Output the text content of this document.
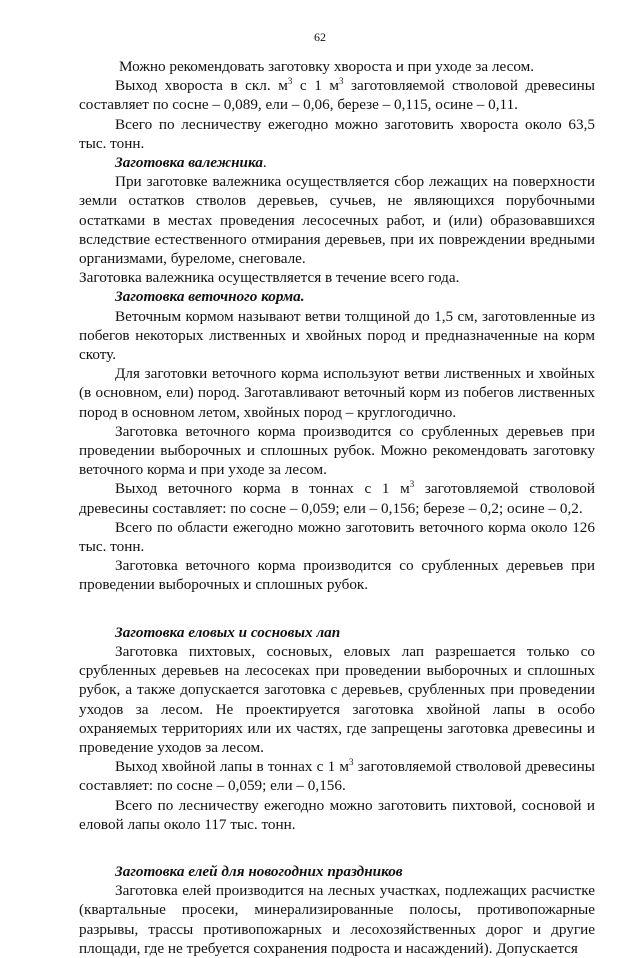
62

Можно рекомендовать заготовку хвороста и при уходе за лесом.

Выход хвороста в скл. $м^3$ с 1 $м^3$ заготовляемой стволовой древесины составляет по сосне – 0,089, ели – 0,06, березе – 0,115, осине – 0,11.

Всего по лесничеству ежегодно можно заготовить хвороста около 63,5 тыс. тонн.

Заготовка валежника.

При заготовке валежника осуществляется сбор лежащих на поверхности земли остатков стволов деревьев, сучьев, не являющихся порубочными остатками в местах проведения лесосечных работ, и (или) образовавшихся вследствие естественного отмирания деревьев, при их повреждении вредными организмами, буреломе, снеговале.

Заготовка валежника осуществляется в течение всего года.

Заготовка веточного корма.

Веточным кормом называют ветви толщиной до 1,5 см, заготовленные из побегов некоторых лиственных и хвойных пород и предназначенные на корм скоту.

Для заготовки веточного корма используют ветви лиственных и хвойных (в основном, ели) пород. Заготавливают веточный корм из побегов лиственных пород в основном летом, хвойных пород – круглогодично.

Заготовка веточного корма производится со срубленных деревьев при проведении выборочных и сплошных рубок. Можно рекомендовать заготовку веточного корма и при уходе за лесом.

Выход веточного корма в тоннах с 1 $м^3$ заготовляемой стволовой древесины составляет: по сосне – 0,059; ели – 0,156; березе – 0,2; осине – 0,2.

Всего по области ежегодно можно заготовить веточного корма около 126 тыс. тонн.

Заготовка веточного корма производится со срубленных деревьев при проведении выборочных и сплошных рубок.

Заготовка еловых и сосновых лап

Заготовка пихтовых, сосновых, еловых лап разрешается только со срубленных деревьев на лесосеках при проведении выборочных и сплошных рубок, а также допускается заготовка с деревьев, срубленных при проведении уходов за лесом. Не проектируется заготовка хвойной лапы в особо охраняемых территориях или их частях, где запрещены заготовка древесины и проведение уходов за лесом.

Выход хвойной лапы в тоннах с 1 $м^3$ заготовляемой стволовой древесины составляет: по сосне – 0,059; ели – 0,156.

Всего по лесничеству ежегодно можно заготовить пихтовой, сосновой и еловой лапы около 117 тыс. тонн.

Заготовка елей для новогодних праздников

Заготовка елей производится на лесных участках, подлежащих расчистке (квартальные просеки, минерализированные полосы, противопожарные разрывы, трассы противопожарных и лесохозяйственных дорог и другие площади, где не требуется сохранения подроста и насаждений). Допускается
